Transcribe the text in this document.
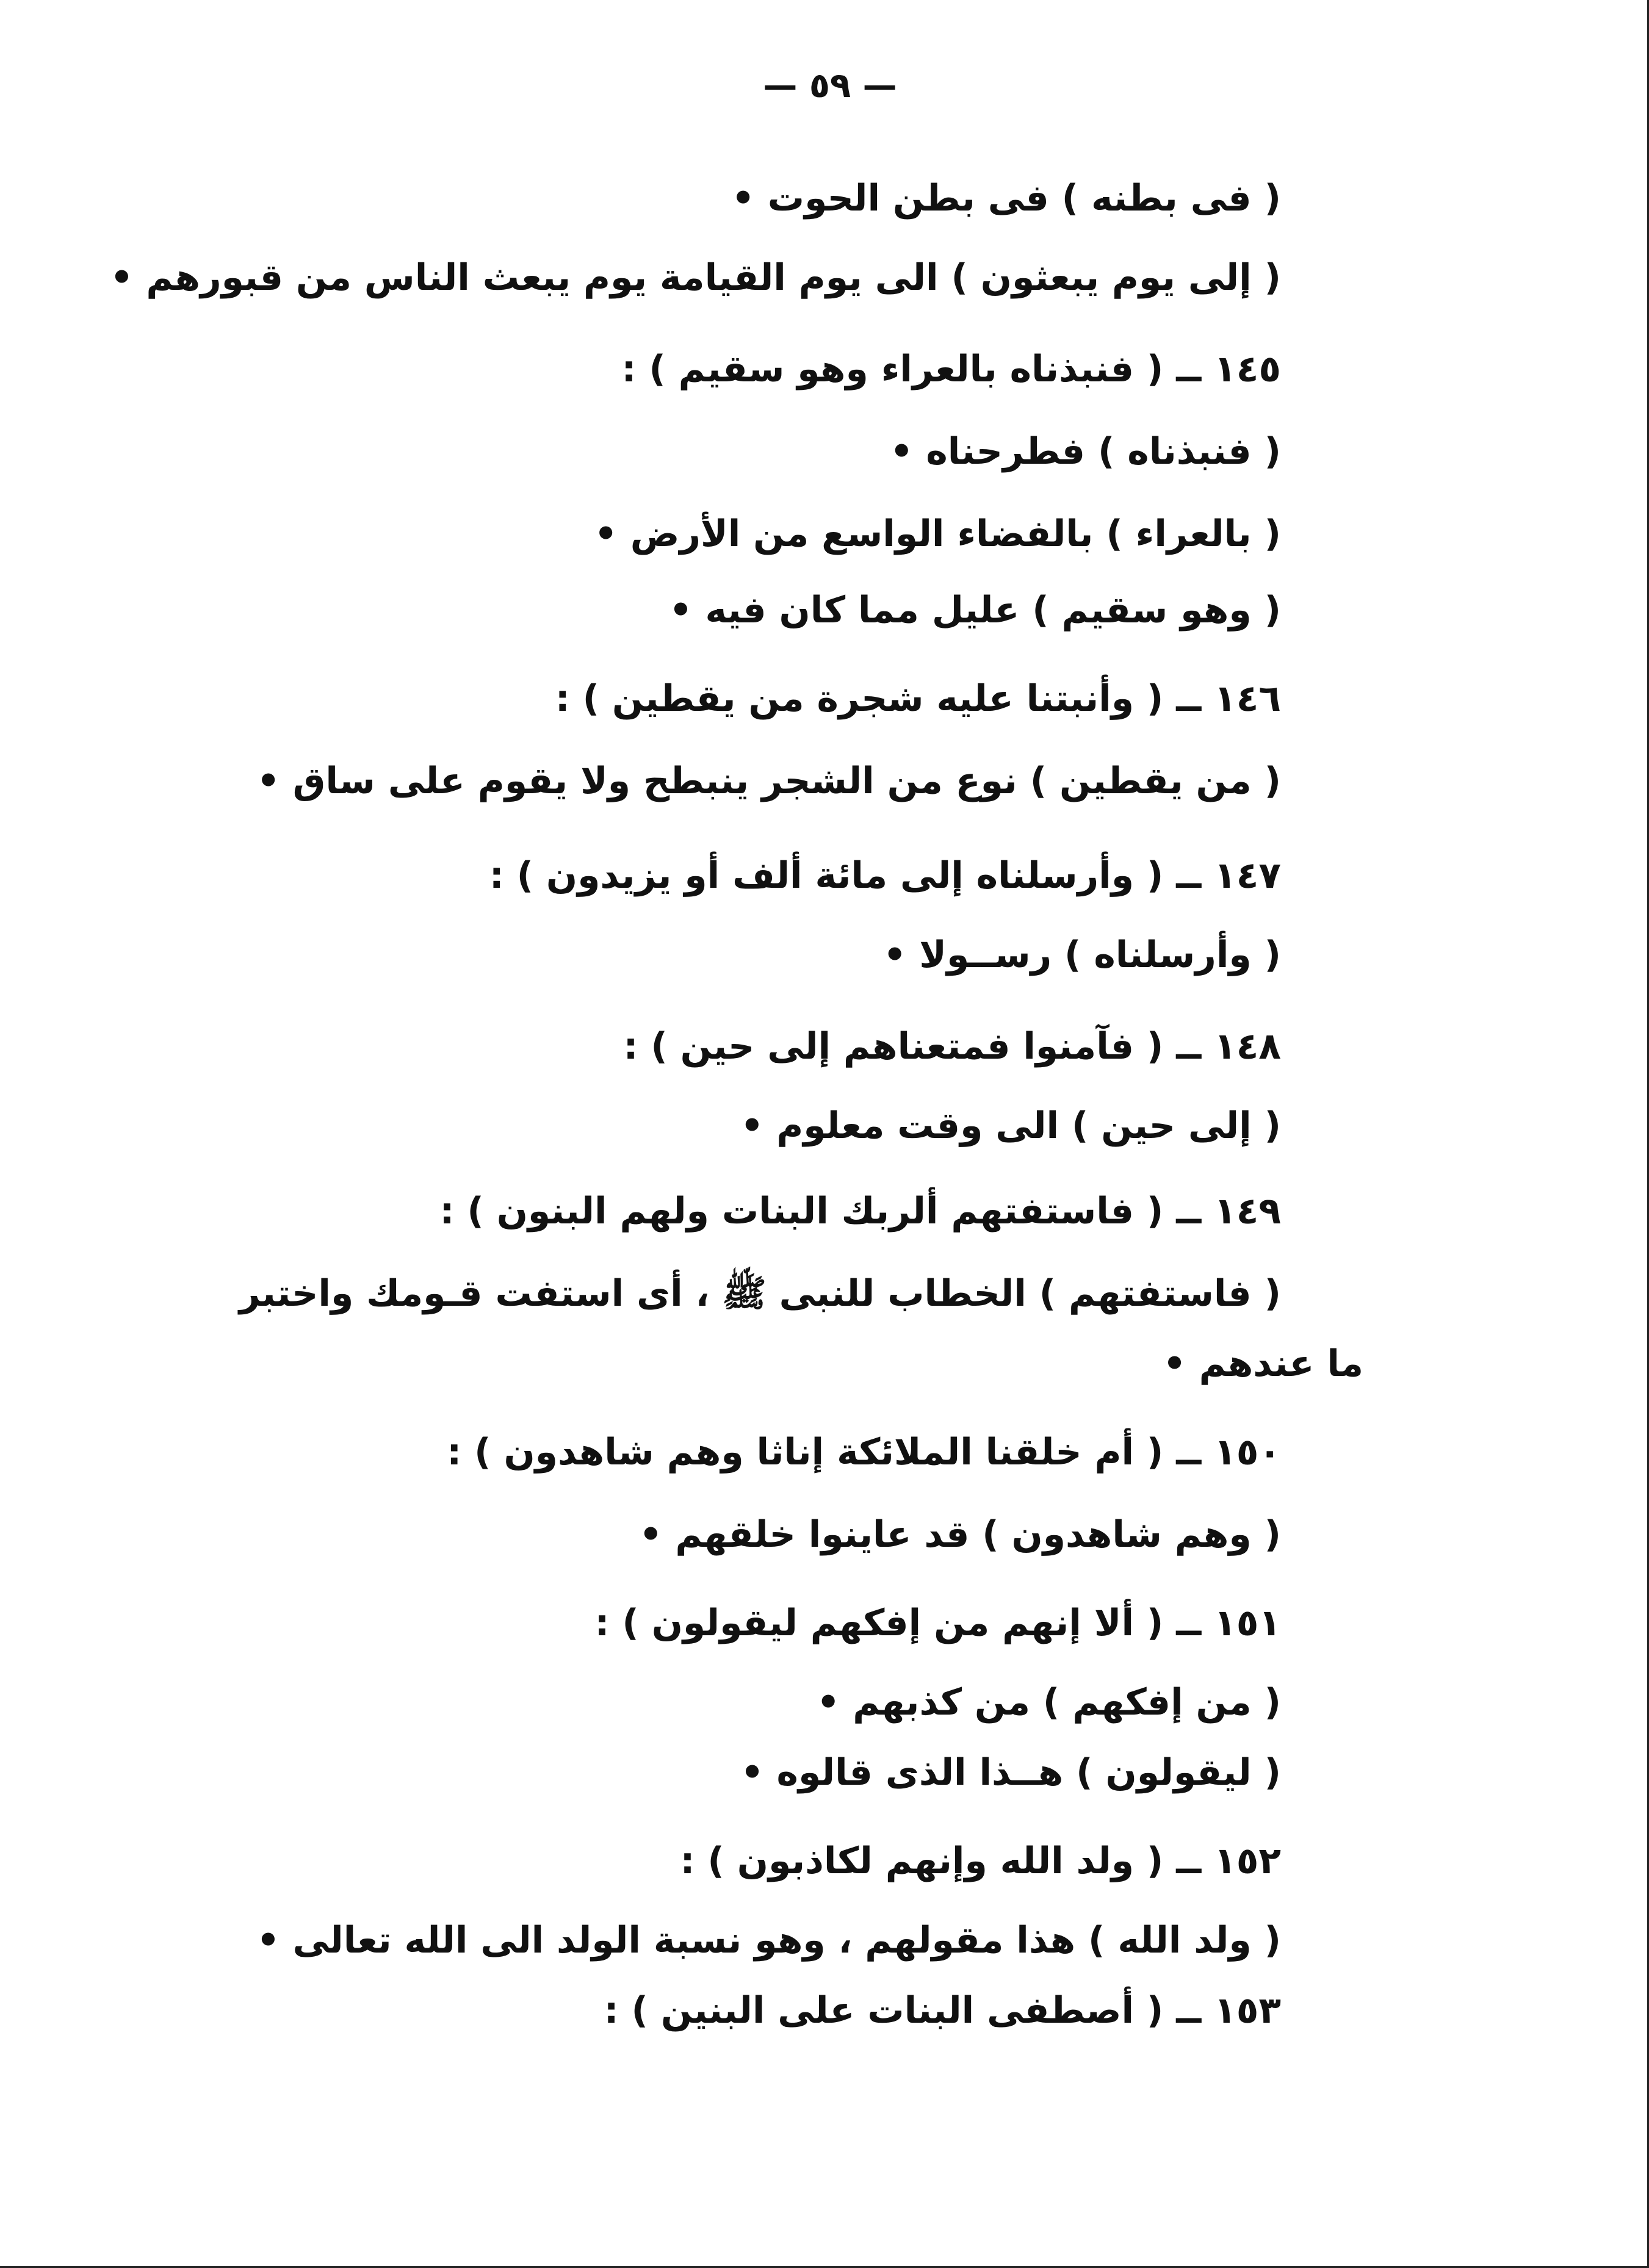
— ٥٩ —
( فى بطنه ) فى بطن الحوت •
( إلى يوم يبعثون ) الى يوم القيامة يوم يبعث الناس من قبورهم •
١٤٥ ــ ( فنبذناه بالعراء وهو سقيم ) :
( فنبذناه ) فطرحناه •
( بالعراء ) بالفضاء الواسع من الأرض •
( وهو سقيم ) عليل مما كان فيه •
١٤٦ ــ ( وأنبتنا عليه شجرة من يقطين ) :
( من يقطين ) نوع من الشجر ينبطح ولا يقوم على ساق •
١٤٧ ــ ( وأرسلناه إلى مائة ألف أو يزيدون ) :
( وأرسلناه ) رســولا •
١٤٨ ــ ( فآمنوا فمتعناهم إلى حين ) :
( إلى حين ) الى وقت معلوم •
١٤٩ ــ ( فاستفتهم ألربك البنات ولهم البنون ) :
( فاستفتهم ) الخطاب للنبى ﷺ ، أى استفت قـومك واختبر
ما عندهم •
١٥٠ ــ ( أم خلقنا الملائكة إناثا وهم شاهدون ) :
( وهم شاهدون ) قد عاينوا خلقهم •
١٥١ ــ ( ألا إنهم من إفكهم ليقولون ) :
( من إفكهم ) من كذبهم •
( ليقولون ) هــذا الذى قالوه •
١٥٢ ــ ( ولد الله وإنهم لكاذبون ) :
( ولد الله ) هذا مقولهم ، وهو نسبة الولد الى الله تعالى •
١٥٣ ــ ( أصطفى البنات على البنين ) :
